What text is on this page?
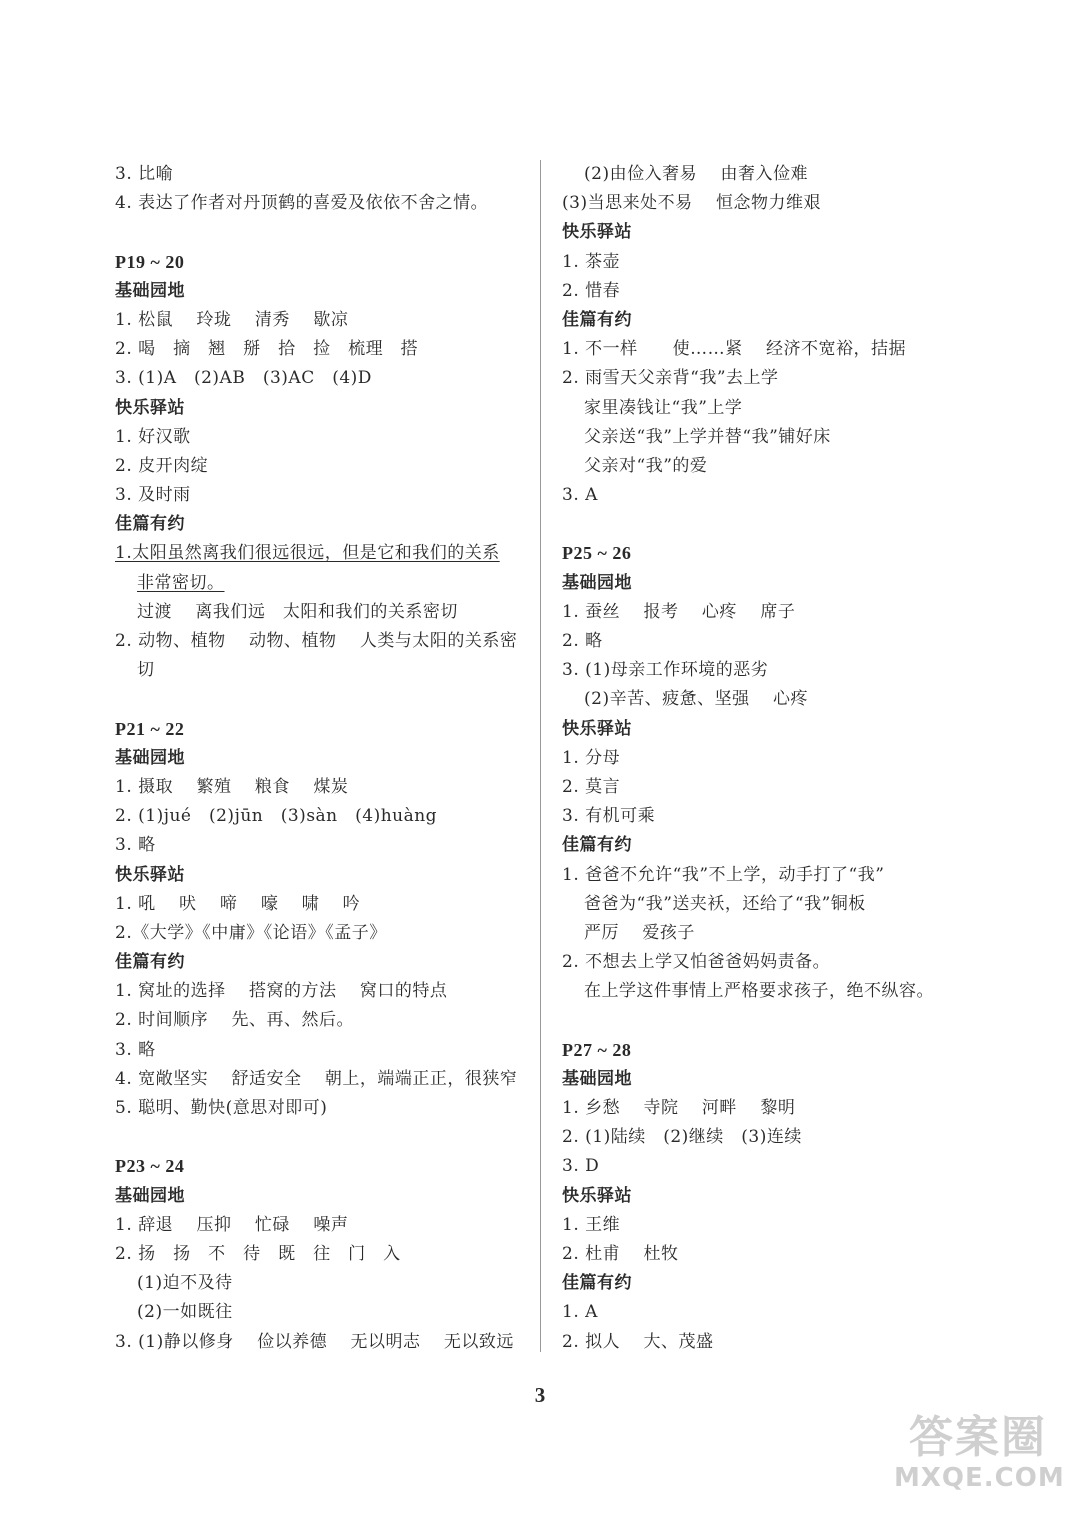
3. 比喻
4. 表达了作者对丹顶鹤的喜爱及依依不舍之情。
P19 ~ 20
基础园地
1. 松鼠　 玲珑　 清秀　 歇凉
2. 喝　摘　翘　掰　拾　捡　梳理　搭
3. (1)A　(2)AB　(3)AC　(4)D
快乐驿站
1. 好汉歌
2. 皮开肉绽
3. 及时雨
佳篇有约
1.太阳虽然离我们很远很远，但是它和我们的关系
非常密切。
过渡　 离我们远　太阳和我们的关系密切
2. 动物、植物　 动物、植物　 人类与太阳的关系密
切
P21 ~ 22
基础园地
1. 摄取　 繁殖　 粮食　 煤炭
2. (1)jué　(2)jūn　(3)sàn　(4)huàng
3. 略
快乐驿站
1. 吼　 吠　 啼　 嚎　 啸　 吟
2.《大学》《中庸》《论语》《孟子》
佳篇有约
1. 窝址的选择　 搭窝的方法　 窝口的特点
2. 时间顺序　 先、再、然后。
3. 略
4. 宽敞坚实　 舒适安全　 朝上，端端正正，很狭窄
5. 聪明、勤快(意思对即可)
P23 ~ 24
基础园地
1. 辞退　 压抑　 忙碌　 噪声
2. 扬　扬　不　待　既　往　门　入
(1)迫不及待
(2)一如既往
3. (1)静以修身　 俭以养德　 无以明志　 无以致远
(2)由俭入奢易　 由奢入俭难
(3)当思来处不易　 恒念物力维艰
快乐驿站
1. 茶壶
2. 惜春
佳篇有约
1. 不一样　　使……紧　 经济不宽裕，拮据
2. 雨雪天父亲背“我”去上学
家里凑钱让“我”上学
父亲送“我”上学并替“我”铺好床
父亲对“我”的爱
3. A
P25 ~ 26
基础园地
1. 蚕丝　 报考　 心疼　 席子
2. 略
3. (1)母亲工作环境的恶劣
(2)辛苦、疲惫、坚强　 心疼
快乐驿站
1. 分母
2. 莫言
3. 有机可乘
佳篇有约
1. 爸爸不允许“我”不上学，动手打了“我”
爸爸为“我”送夹袄，还给了“我”铜板
严厉　 爱孩子
2. 不想去上学又怕爸爸妈妈责备。
在上学这件事情上严格要求孩子，绝不纵容。
P27 ~ 28
基础园地
1. 乡愁　 寺院　 河畔　 黎明
2. (1)陆续　(2)继续　(3)连续
3. D
快乐驿站
1. 王维
2. 杜甫　 杜牧
佳篇有约
1. A
2. 拟人　 大、茂盛
3
答案圈
MXQE.COM
